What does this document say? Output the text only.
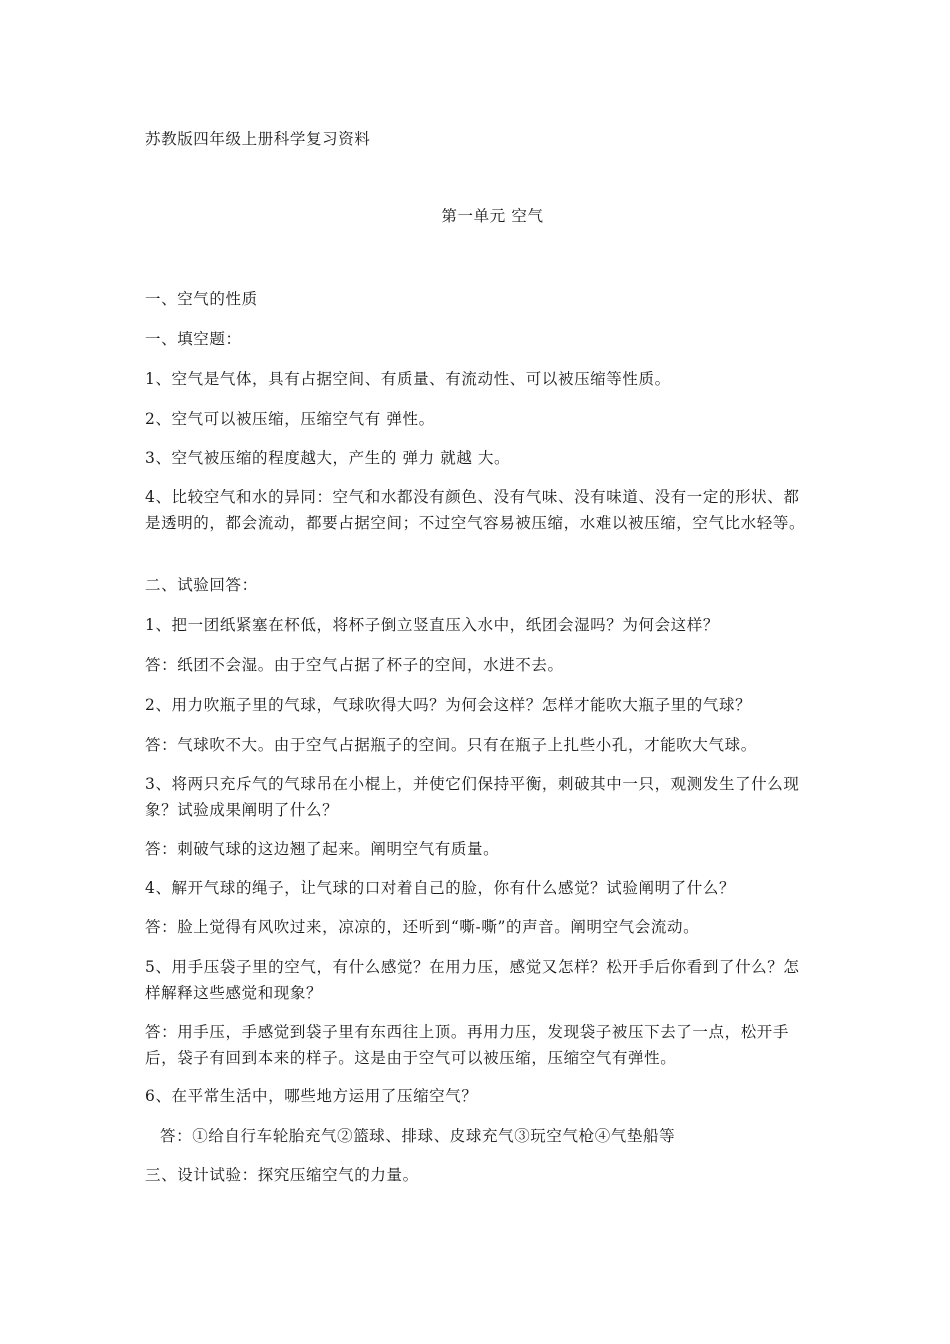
苏教版四年级上册科学复习资料
第一单元 空气
一、空气的性质
一、填空题：
1、空气是气体，具有占据空间、有质量、有流动性、可以被压缩等性质。
2、空气可以被压缩，压缩空气有 弹性。
3、空气被压缩的程度越大，产生的 弹力 就越 大。
4、比较空气和水的异同：空气和水都没有颜色、没有气味、没有味道、没有一定的形状、都是透明的，都会流动，都要占据空间；不过空气容易被压缩，水难以被压缩，空气比水轻等。
二、试验回答：
1、把一团纸紧塞在杯低，将杯子倒立竖直压入水中，纸团会湿吗？为何会这样？
答：纸团不会湿。由于空气占据了杯子的空间，水进不去。
2、用力吹瓶子里的气球，气球吹得大吗？为何会这样？怎样才能吹大瓶子里的气球？
答：气球吹不大。由于空气占据瓶子的空间。只有在瓶子上扎些小孔，才能吹大气球。
3、将两只充斥气的气球吊在小棍上，并使它们保持平衡，刺破其中一只，观测发生了什么现象？试验成果阐明了什么？
答：刺破气球的这边翘了起来。阐明空气有质量。
4、解开气球的绳子，让气球的口对着自己的脸，你有什么感觉？试验阐明了什么？
答：脸上觉得有风吹过来，凉凉的，还听到“嘶-嘶”的声音。阐明空气会流动。
5、用手压袋子里的空气，有什么感觉？在用力压，感觉又怎样？松开手后你看到了什么？怎样解释这些感觉和现象？
答：用手压，手感觉到袋子里有东西往上顶。再用力压，发现袋子被压下去了一点，松开手后，袋子有回到本来的样子。这是由于空气可以被压缩，压缩空气有弹性。
6、在平常生活中，哪些地方运用了压缩空气？
答：①给自行车轮胎充气②篮球、排球、皮球充气③玩空气枪④气垫船等
三、设计试验：探究压缩空气的力量。
